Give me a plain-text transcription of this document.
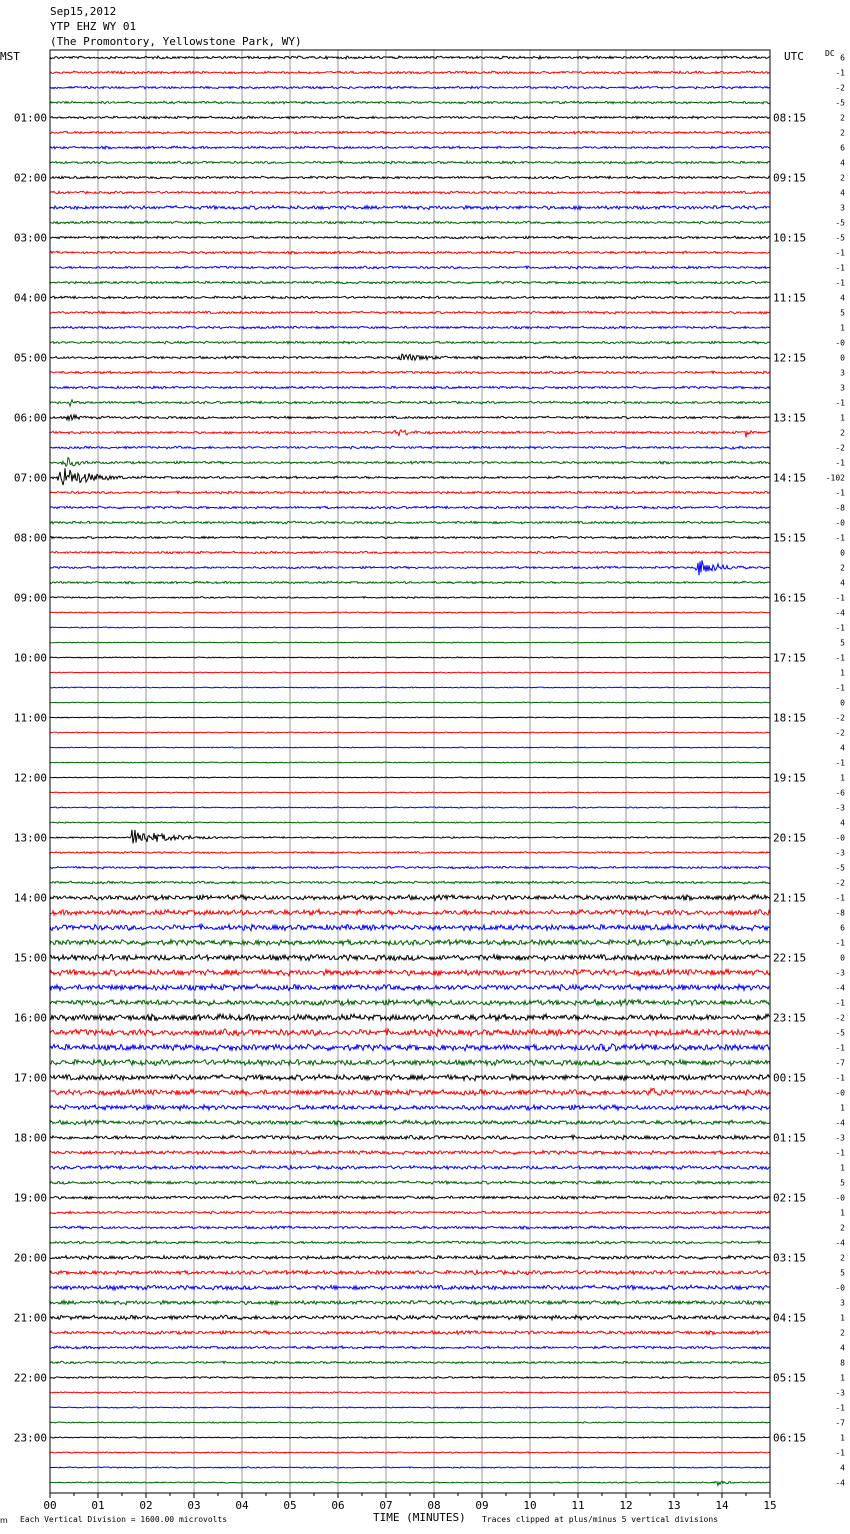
Sep15,2012
YTP EHZ WY 01
(The Promontory, Yellowstone Park, WY)
MST	UTC	DC
01:00
02:00
03:00
04:00
05:00
06:00
07:00
08:00
09:00
10:00
11:00
12:00
13:00
14:00
15:00
16:00
17:00
18:00
19:00
20:00
21:00
22:00
23:00
08:15
09:15
10:15
11:15
12:15
13:15
14:15
15:15
16:15
17:15
18:15
19:15
20:15
21:15
22:15
23:15
00:15
01:15
02:15
03:15
04:15
05:15
06:15
6
-1
-2
-5
2
2
6
4
2
4
3
-5
-5
-1
-1
-1
4
5
1
-0
0
3
3
-1
1
2
-2
-1
-102
-1
-8
-0
-1
0
2
4
-1
-4
-1
5
-1
1
-1
0
-2
-2
4
-1
1
-6
-3
4
-0
-3
-5
-2
-1
-8
6
-1
0
-3
-4
-1
-2
-5
-1
-7
-1
-0
1
-4
-3
-1
1
5
-0
1
2
-4
2
5
-0
3
1
2
4
8
1
-3
-1
-7
1
-1
4
-4
00	01	02	03	04	05	06	07	08	09	10	11	12	13	14	15
ⅿ Each Vertical Division = 1600.00 microvolts	TIME (MINUTES) Traces clipped at plus/minus 5 vertical divisions
